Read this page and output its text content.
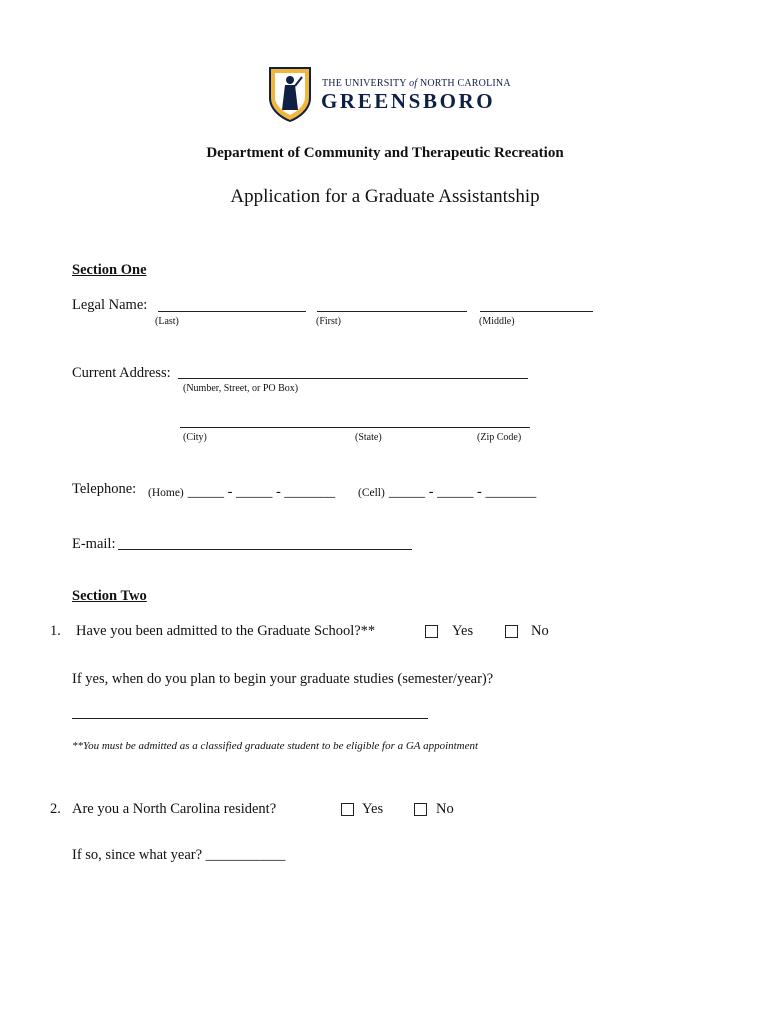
THE UNIVERSITY of NORTH CAROLINA
GREENSBORO
Department of Community and Therapeutic Recreation
Application for a Graduate Assistantship
Section One
Legal Name:
(Last)	(First)	(Middle)
Current Address:
(Number, Street, or PO Box)
(City)	(State)	(Zip Code)
Telephone: (Home) _____ - _____ - _______ (Cell) _____ - _____ - _______
E-mail:
Section Two
1. Have you been admitted to the Graduate School?**	Yes	No
If yes, when do you plan to begin your graduate studies (semester/year)?
**You must be admitted as a classified graduate student to be eligible for a GA appointment
2. Are you a North Carolina resident?	Yes	No
If so, since what year? ___________
